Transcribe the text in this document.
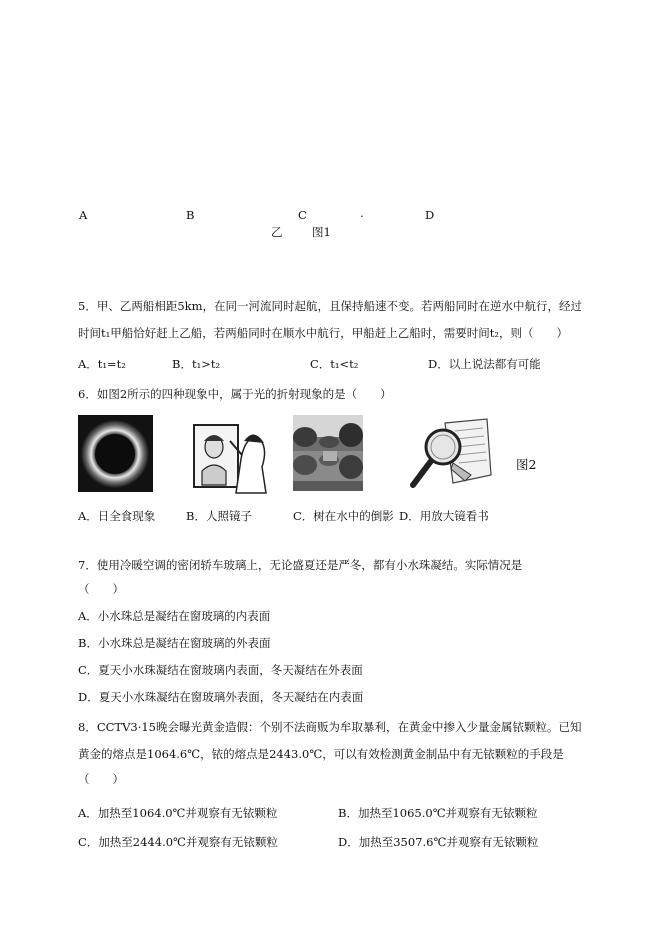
A	B	C	.	D
乙	图1
5．甲、乙两船相距5km，在同一河流同时起航，且保持船速不变。若两船同时在逆水中航行，经过
时间t₁甲船恰好赶上乙船，若两船同时在顺水中航行，甲船赶上乙船时，需要时间t₂，则（　　）
A．t₁=t₂	B．t₁>t₂	C．t₁<t₂	D．以上说法都有可能
6．如图2所示的四种现象中，属于光的折射现象的是（　　）
图2
A．日全食现象	B．人照镜子	C．树在水中的倒影 D．用放大镜看书
7．使用冷暖空调的密闭轿车玻璃上，无论盛夏还是严冬，都有小水珠凝结。实际情况是
（　　）
A．小水珠总是凝结在窗玻璃的内表面
B．小水珠总是凝结在窗玻璃的外表面
C．夏天小水珠凝结在窗玻璃内表面，冬天凝结在外表面
D．夏天小水珠凝结在窗玻璃外表面，冬天凝结在内表面
8．CCTV3·15晚会曝光黄金造假：个别不法商贩为牟取暴利，在黄金中掺入少量金属铱颗粒。已知
黄金的熔点是1064.6℃，铱的熔点是2443.0℃，可以有效检测黄金制品中有无铱颗粒的手段是
（　　）
A．加热至1064.0℃并观察有无铱颗粒	B．加热至1065.0℃并观察有无铱颗粒
C．加热至2444.0℃并观察有无铱颗粒	D．加热至3507.6℃并观察有无铱颗粒
